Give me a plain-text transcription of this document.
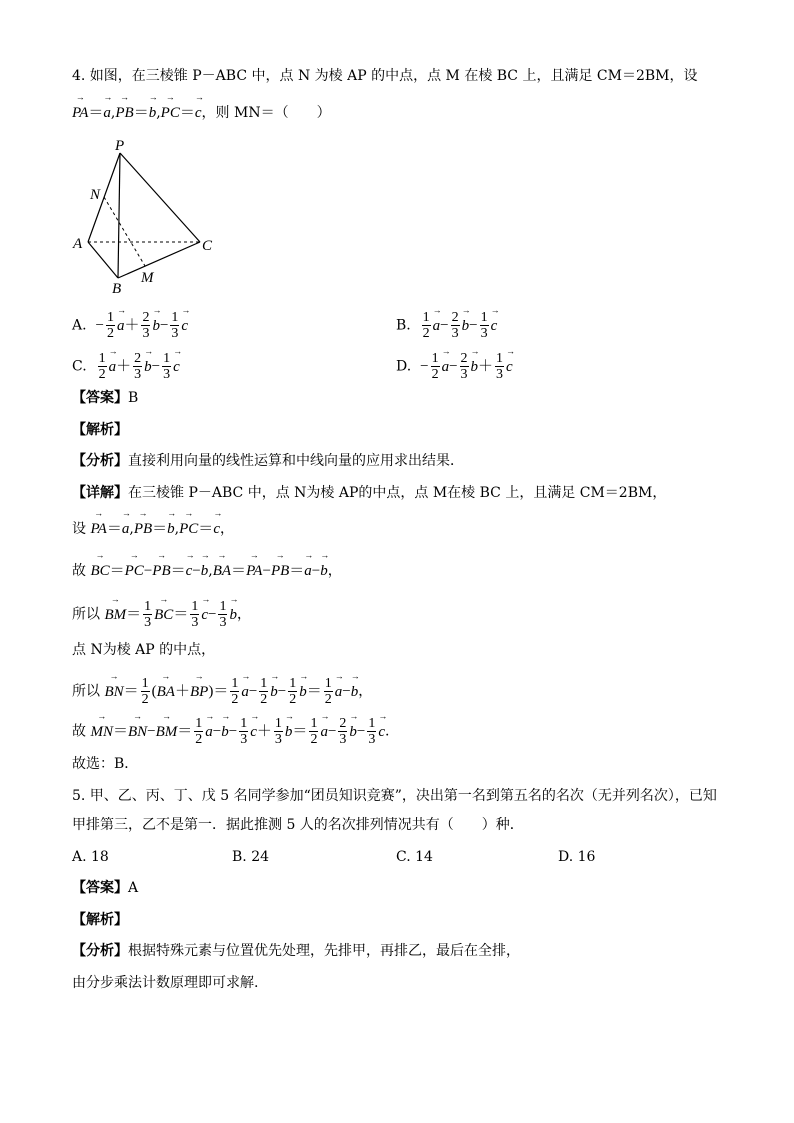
4. 如图，在三棱锥 P－ABC 中，点 N 为棱 AP 的中点，点 M 在棱 BC 上，且满足 CM＝2BM，设
→ PA＝→ a,→ PB＝→ b,→ PC＝→ c，则 MN＝（　　）
P
N
A	C
M
B
A. − $\frac{1}{2}$
→ $a+ \frac{2}{3}$
→ $b- \frac{1}{3}$
→ c	B. $\frac{1}{2}$
→ $a- \frac{2}{3}$
→ $b- \frac{1}{3}$
→ c
C. $\frac{1}{2}$
→ $a+ \frac{2}{3}$
→ $b- \frac{1}{3}$
→ c	D. − $\frac{1}{2}$
→ $a- \frac{2}{3}$
→ $b+ \frac{1}{3}$
→ c
【答案】B
【解析】
【分析】直接利用向量的线性运算和中线向量的应用求出结果．
【详解】在三棱锥 P－ABC 中，点 N为棱 AP的中点，点 M在棱 BC 上，且满足 CM＝2BM，
设 → PA＝→ a,→ PB＝→ b,→ PC＝→ c，
故 → BC＝→ PC−→ PB＝→ c−→ b,→ BA＝→ PA−→ PB＝→ a−→ b，
所以 → $BM= \frac{1}{3}$
→ $BC= \frac{1}{3}$
→ $c- \frac{1}{3}$
→ b，
点 N为棱 AP 的中点，
所以 → $BN= \frac{1}{2}$ (→ $BA+\to BP)= \frac{1}{2}$
→ $a- \frac{1}{2}$
→ $b- \frac{1}{2}$
→ $b= \frac{1}{2}$
→ a−→ b，
故 → $MN=\to BN-\to BM= \frac{1}{2}$
→ $a-\to b- \frac{1}{3}$
→ $c+ \frac{1}{3}$
→ $b= \frac{1}{2}$
→ $a- \frac{2}{3}$
→ $b- \frac{1}{3}$
→ c.
故选：B．
5. 甲、乙、丙、丁、戊 5 名同学参加“团员知识竞赛”，决出第一名到第五名的名次（无并列名次），已知
甲排第三，乙不是第一．据此推测 5 人的名次排列情况共有（　　）种．
A. 18	B. 24	C. 14	D. 16
【答案】A
【解析】
【分析】根据特殊元素与位置优先处理，先排甲，再排乙，最后在全排，
由分步乘法计数原理即可求解.
